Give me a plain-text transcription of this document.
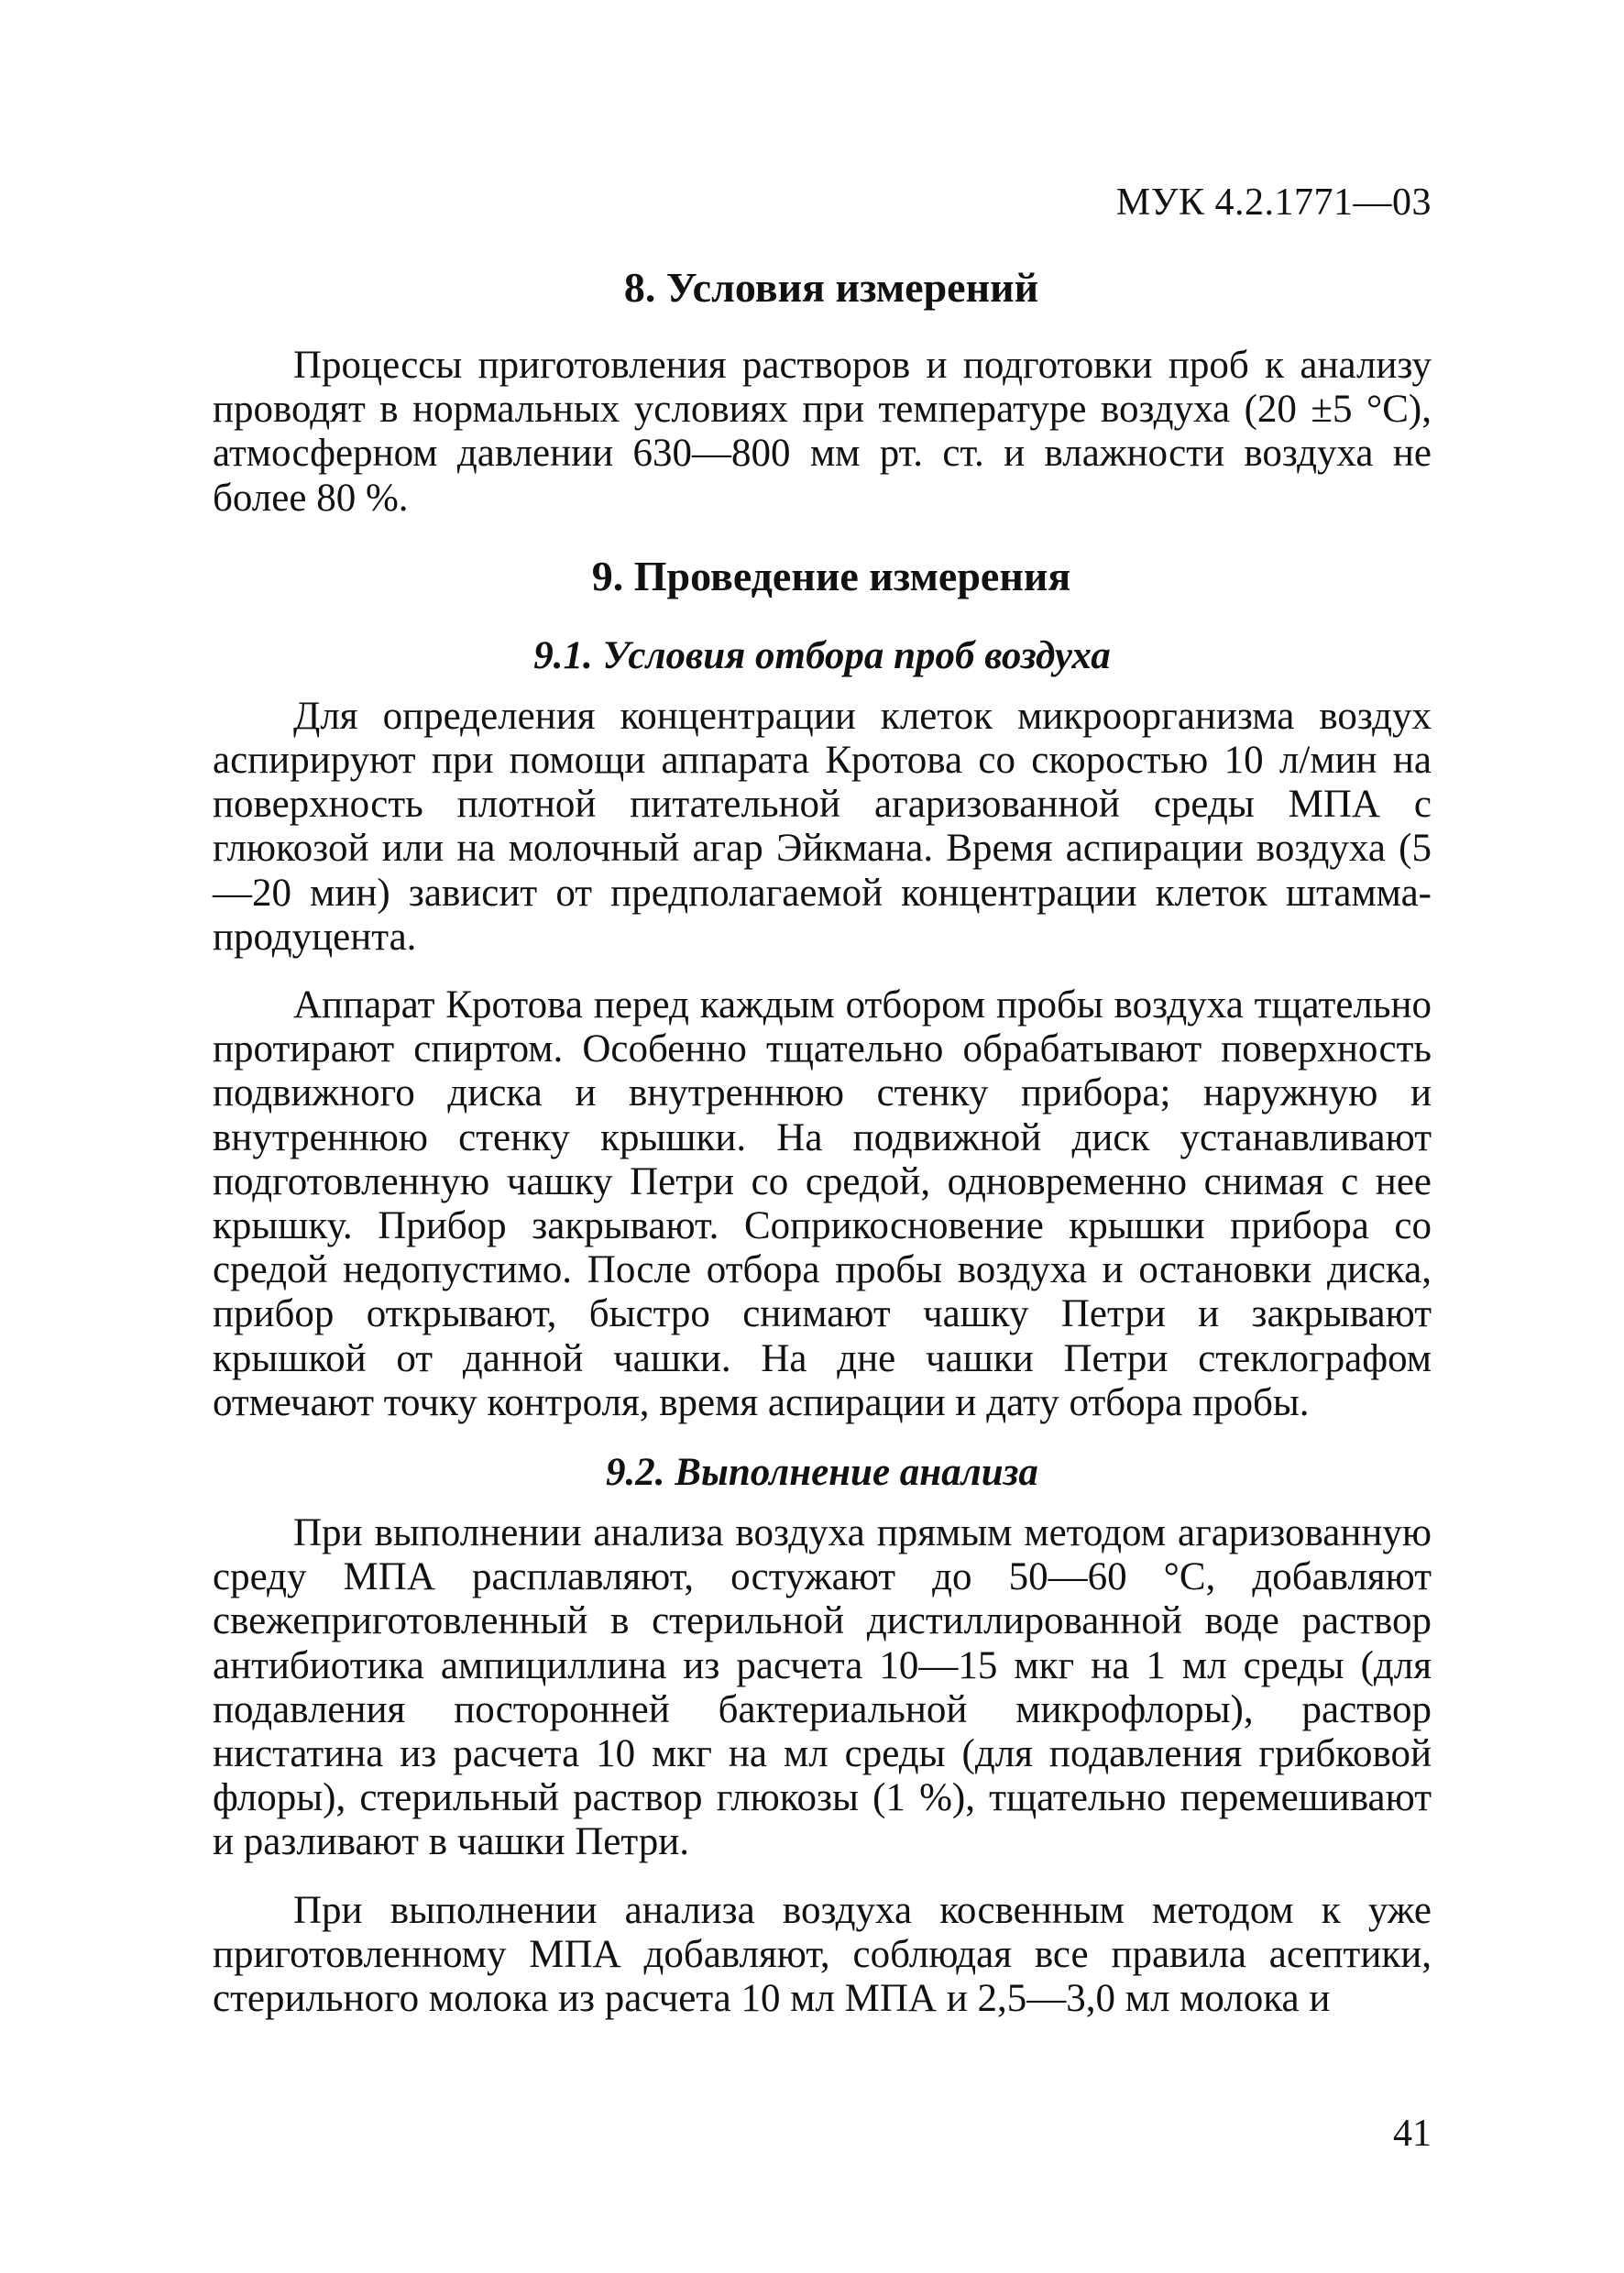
МУК 4.2.1771—03
8. Условия измерений

Процессы приготовления растворов и подготовки проб к анализу проводят в нормальных условиях при температуре воздуха (20 ±5 °С), атмосферном давлении 630—800 мм рт. ст. и влажности воздуха не более 80 %.

9. Проведение измерения
9.1. Условия отбора проб воздуха

Для определения концентрации клеток микроорганизма воздух аспирируют при помощи аппарата Кротова со скоростью 10 л/мин на поверхность плотной питательной агаризованной среды МПА с глюкозой или на молочный агар Эйкмана. Время аспирации воздуха (5—20 мин) зависит от предполагаемой концентрации клеток штамма-продуцента.

Аппарат Кротова перед каждым отбором пробы воздуха тщательно протирают спиртом. Особенно тщательно обрабатывают поверхность подвижного диска и внутреннюю стенку прибора; наружную и внутреннюю стенку крышки. На подвижной диск устанавливают подготовленную чашку Петри со средой, одновременно снимая с нее крышку. Прибор закрывают. Соприкосновение крышки прибора со средой недопустимо. После отбора пробы воздуха и остановки диска, прибор открывают, быстро снимают чашку Петри и закрывают крышкой от данной чашки. На дне чашки Петри стеклографом отмечают точку контроля, время аспирации и дату отбора пробы.

9.2. Выполнение анализа

При выполнении анализа воздуха прямым методом агаризованную среду МПА расплавляют, остужают до 50—60 °С, добавляют свежеприготовленный в стерильной дистиллированной воде раствор антибиотика ампициллина из расчета 10—15 мкг на 1 мл среды (для подавления посторонней бактериальной микрофлоры), раствор нистатина из расчета 10 мкг на мл среды (для подавления грибковой флоры), стерильный раствор глюкозы (1 %), тщательно перемешивают и разливают в чашки Петри.

При выполнении анализа воздуха косвенным методом к уже приготовленному МПА добавляют, соблюдая все правила асептики, стерильного молока из расчета 10 мл МПА и 2,5—3,0 мл молока и

41
